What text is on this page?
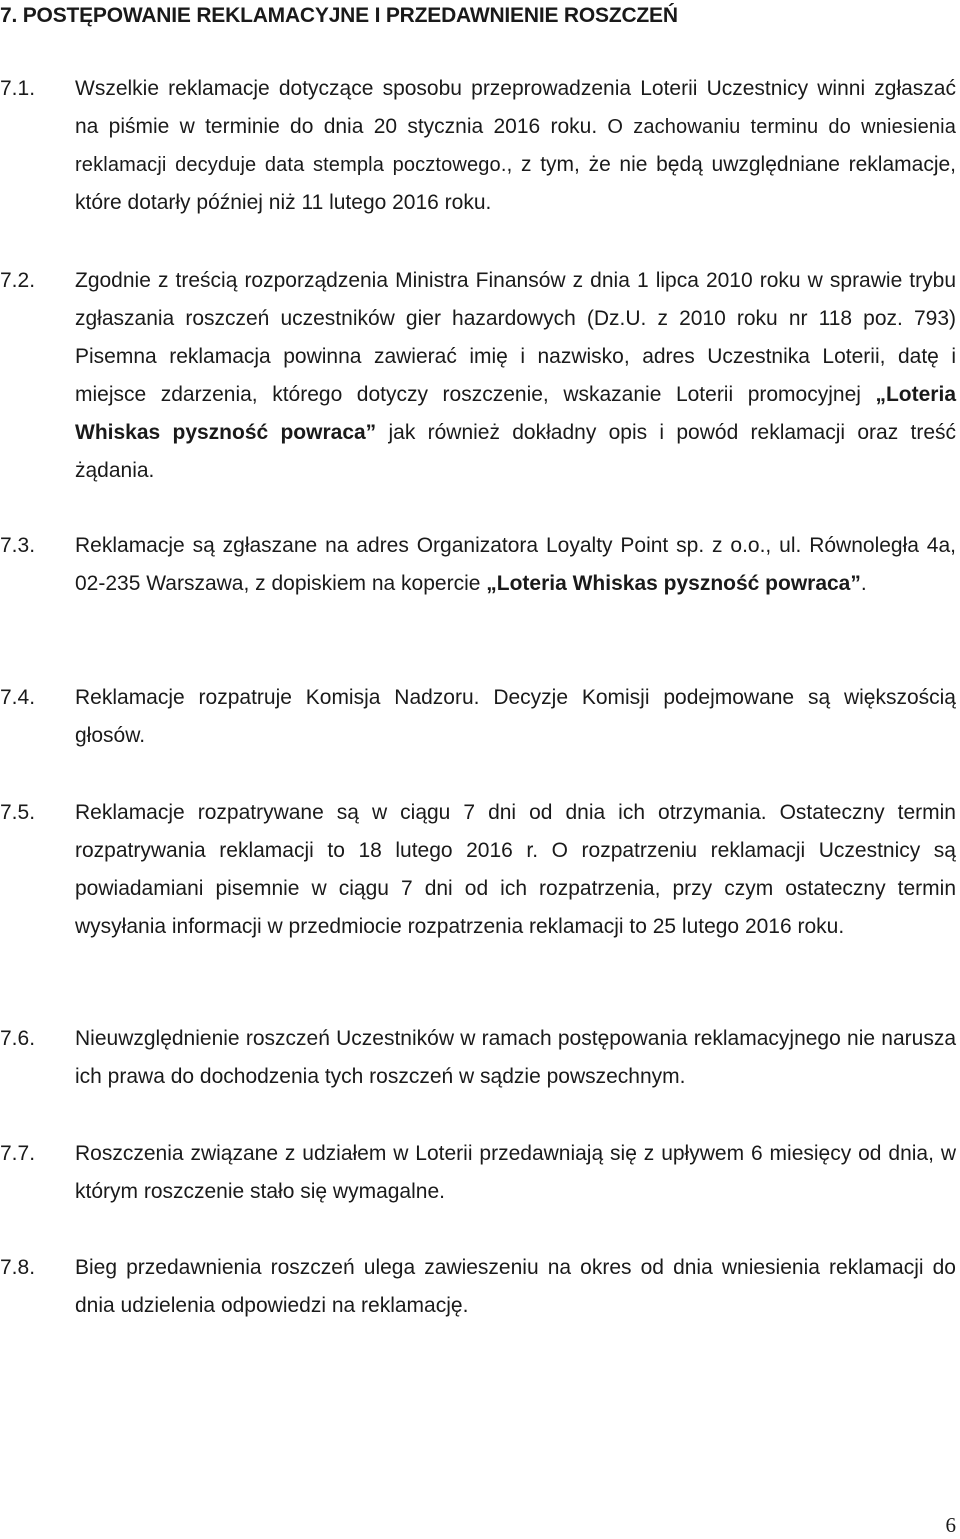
7. POSTĘPOWANIE REKLAMACYJNE I PRZEDAWNIENIE ROSZCZEŃ
7.1. Wszelkie reklamacje dotyczące sposobu przeprowadzenia Loterii Uczestnicy winni zgłaszać na piśmie w terminie do dnia 20 stycznia 2016 roku. O zachowaniu terminu do wniesienia reklamacji decyduje data stempla pocztowego., z tym, że nie będą uwzględniane reklamacje, które dotarły później niż 11 lutego 2016 roku.
7.2. Zgodnie z treścią rozporządzenia Ministra Finansów z dnia 1 lipca 2010 roku w sprawie trybu zgłaszania roszczeń uczestników gier hazardowych (Dz.U. z 2010 roku nr 118 poz. 793) Pisemna reklamacja powinna zawierać imię i nazwisko, adres Uczestnika Loterii, datę i miejsce zdarzenia, którego dotyczy roszczenie, wskazanie Loterii promocyjnej „Loteria Whiskas pyszność powraca” jak również dokładny opis i powód reklamacji oraz treść żądania.
7.3. Reklamacje są zgłaszane na adres Organizatora Loyalty Point sp. z o.o., ul. Równoległa 4a, 02-235 Warszawa, z dopiskiem na kopercie „Loteria Whiskas pyszność powraca”.
7.4. Reklamacje rozpatruje Komisja Nadzoru. Decyzje Komisji podejmowane są większością głosów.
7.5. Reklamacje rozpatrywane są w ciągu 7 dni od dnia ich otrzymania. Ostateczny termin rozpatrywania reklamacji to 18 lutego 2016 r. O rozpatrzeniu reklamacji Uczestnicy są powiadamiani pisemnie w ciągu 7 dni od ich rozpatrzenia, przy czym ostateczny termin wysyłania informacji w przedmiocie rozpatrzenia reklamacji to 25 lutego 2016 roku.
7.6. Nieuwzględnienie roszczeń Uczestników w ramach postępowania reklamacyjnego nie narusza ich prawa do dochodzenia tych roszczeń w sądzie powszechnym.
7.7. Roszczenia związane z udziałem w Loterii przedawniają się z upływem 6 miesięcy od dnia, w którym roszczenie stało się wymagalne.
7.8. Bieg przedawnienia roszczeń ulega zawieszeniu na okres od dnia wniesienia reklamacji do dnia udzielenia odpowiedzi na reklamację.
6
